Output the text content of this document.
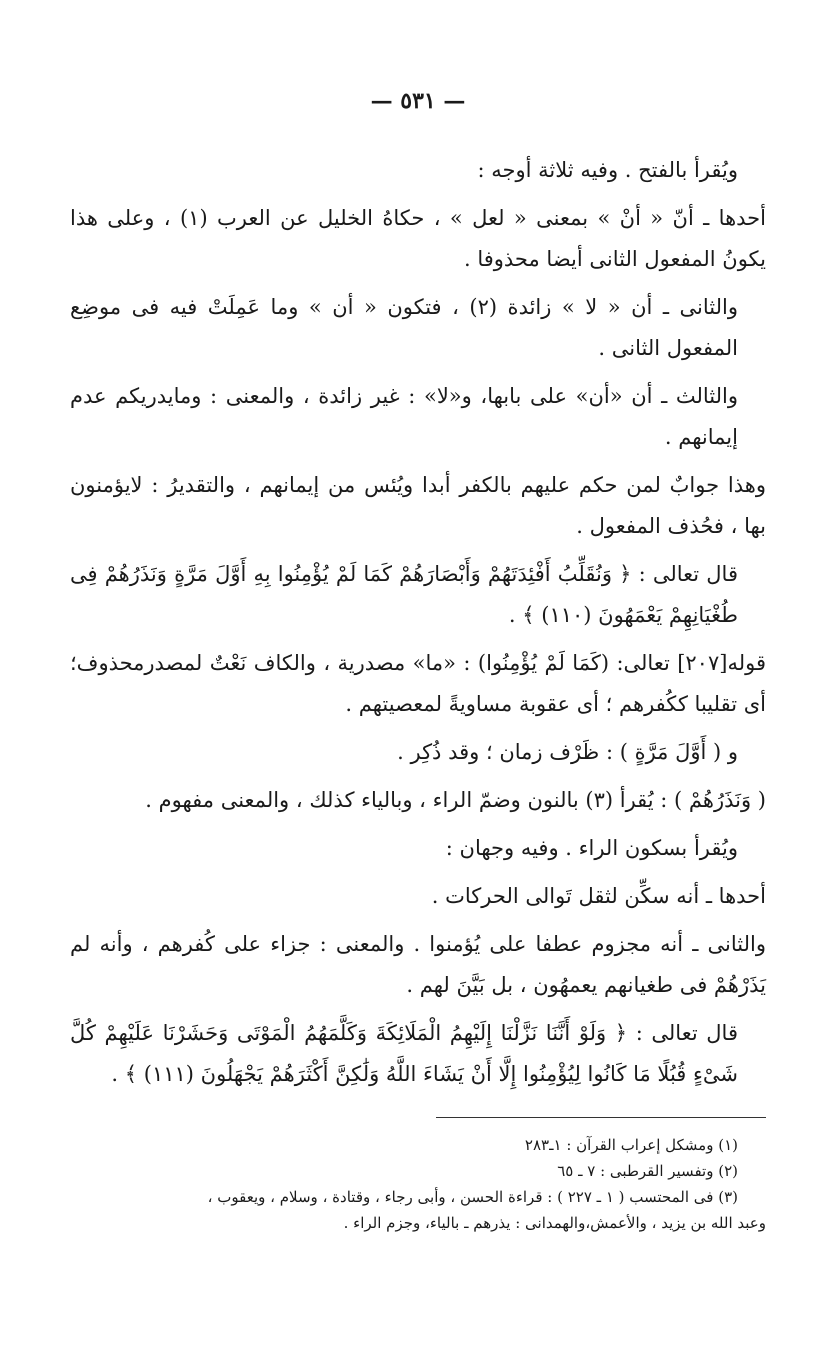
— ٥٣١ —

ويُقرأ بالفتح . وفيه ثلاثة أوجه :

أحدها ـ أنّ « أنْ » بمعنى « لعل » ، حكاهُ الخليل عن العرب (١) ، وعلى هذا يكونُ المفعول الثانى أيضا محذوفا .

والثانى ـ أن « لا » زائدة (٢) ، فتكون « أن » وما عَمِلَتْ فيه فى موضِع المفعول الثانى .

والثالث ـ أن «أن» على بابها، و«لا» : غير زائدة ، والمعنى : ومايدريكم عدم إيمانهم .

وهذا جوابٌ لمن حكم عليهم بالكفر أبدا ويُئس من إيمانهم ، والتقديرُ : لايؤمنون بها ، فحُذف المفعول .

قال تعالى : ﴿ وَنُقَلِّبُ أَفْئِدَتَهُمْ وَأَبْصَارَهُمْ كَمَا لَمْ يُؤْمِنُوا بِهِ أَوَّلَ مَرَّةٍ وَنَذَرُهُمْ فِى طُغْيَانِهِمْ يَعْمَهُونَ (١١٠) ﴾ .

قوله[٢٠٧] تعالى: (كَمَا لَمْ يُؤْمِنُوا) : «ما» مصدرية ، والكاف نَعْتٌ لمصدرمحذوف؛ أى تقليبا ككُفرهم ؛ أى عقوبة مساويةً لمعصيتهم .

و ( أَوَّلَ مَرَّةٍ ) : ظَرْف زمان ؛ وقد ذُكِر .

( وَنَذَرُهُمْ ) : يُقرأ (٣) بالنون وضمّ الراء ، وبالياء كذلك ، والمعنى مفهوم .

ويُقرأ بسكون الراء . وفيه وجهان :

أحدها ـ أنه سكِّن لثقل تَوالى الحركات .

والثانى ـ أنه مجزوم عطفا على يُؤمنوا . والمعنى : جزاء على كُفرهم ، وأنه لم يَذَرْهُمْ فى طغيانهم يعمهُون ، بل بَيَّنَ لهم .

قال تعالى : ﴿ وَلَوْ أَنَّنَا نَزَّلْنَا إِلَيْهِمُ الْمَلَائِكَةَ وَكَلَّمَهُمُ الْمَوْتَى وَحَشَرْنَا عَلَيْهِمْ كُلَّ شَىْءٍ قُبُلًا مَا كَانُوا لِيُؤْمِنُوا إِلَّا أَنْ يَشَاءَ اللَّهُ وَلَٰكِنَّ أَكْثَرَهُمْ يَجْهَلُونَ (١١١) ﴾ .

(١) ومشكل إعراب القرآن : ١ـ٢٨٣

(٢) وتفسير القرطبى : ٧ ـ ٦٥

(٣) فى المحتسب ( ١ ـ ٢٢٧ ) : قراءة الحسن ، وأبى رجاء ، وقتادة ، وسلام ، ويعقوب ،

وعبد الله بن يزيد ، والأعمش،والهمدانى : يذرهم ـ بالياء، وجزم الراء .
